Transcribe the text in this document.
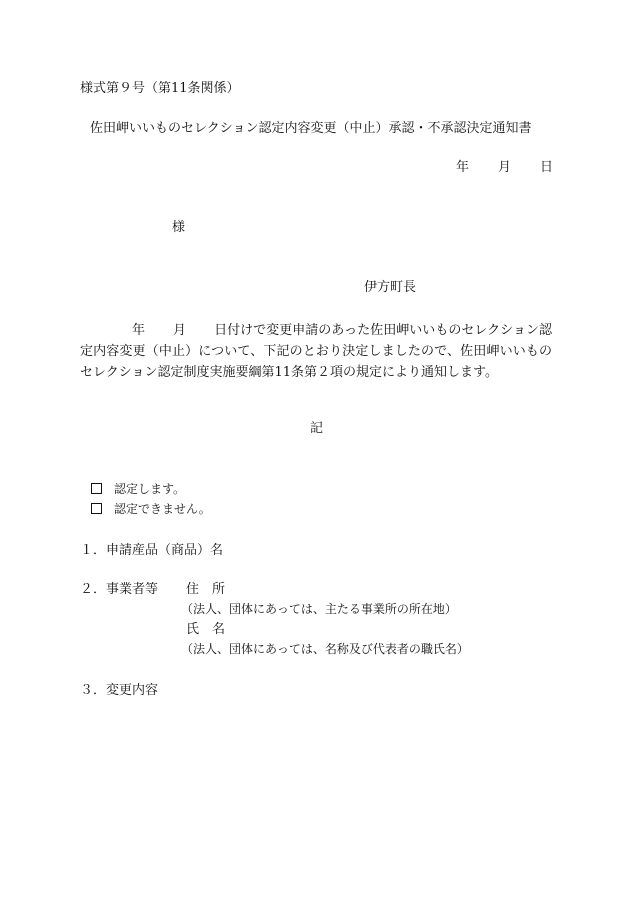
様式第９号（第11条関係）
佐田岬いいものセレクション認定内容変更（中止）承認・不承認決定通知書
年 月 日
様
伊方町長
年 月 日付けで変更申請のあった佐田岬いいものセレクション認定内容変更（中止）について、下記のとおり決定しましたので、佐田岬いいものセレクション認定制度実施要綱第11条第２項の規定により通知します。
記
認定します。
認定できません。
１．申請産品（商品）名
２．事業者等 住　所
（法人、団体にあっては、主たる事業所の所在地）
氏　名
（法人、団体にあっては、名称及び代表者の職氏名）
３．変更内容
